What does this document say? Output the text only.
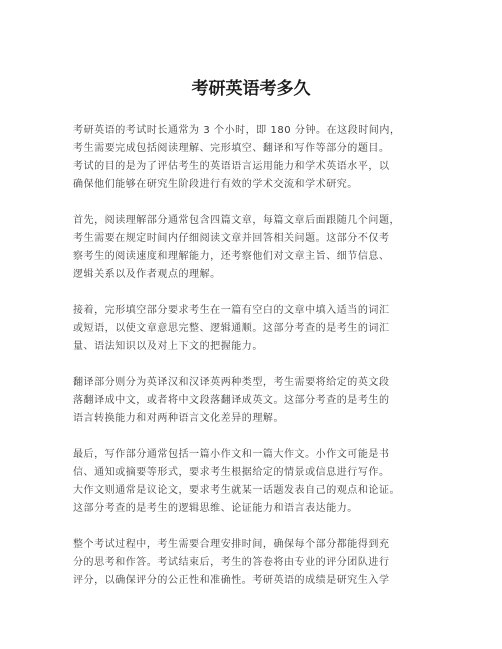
考研英语考多久

考研英语的考试时长通常为 3 个小时，即 180 分钟。在这段时间内，
考生需要完成包括阅读理解、完形填空、翻译和写作等部分的题目。
考试的目的是为了评估考生的英语语言运用能力和学术英语水平，以
确保他们能够在研究生阶段进行有效的学术交流和学术研究。

首先，阅读理解部分通常包含四篇文章，每篇文章后面跟随几个问题，
考生需要在规定时间内仔细阅读文章并回答相关问题。这部分不仅考
察考生的阅读速度和理解能力，还考察他们对文章主旨、细节信息、
逻辑关系以及作者观点的理解。

接着，完形填空部分要求考生在一篇有空白的文章中填入适当的词汇
或短语，以使文章意思完整、逻辑通顺。这部分考查的是考生的词汇
量、语法知识以及对上下文的把握能力。

翻译部分则分为英译汉和汉译英两种类型，考生需要将给定的英文段
落翻译成中文，或者将中文段落翻译成英文。这部分考查的是考生的
语言转换能力和对两种语言文化差异的理解。

最后，写作部分通常包括一篇小作文和一篇大作文。小作文可能是书
信、通知或摘要等形式，要求考生根据给定的情景或信息进行写作。
大作文则通常是议论文，要求考生就某一话题发表自己的观点和论证。
这部分考查的是考生的逻辑思维、论证能力和语言表达能力。

整个考试过程中，考生需要合理安排时间，确保每个部分都能得到充
分的思考和作答。考试结束后，考生的答卷将由专业的评分团队进行
评分，以确保评分的公正性和准确性。考研英语的成绩是研究生入学
